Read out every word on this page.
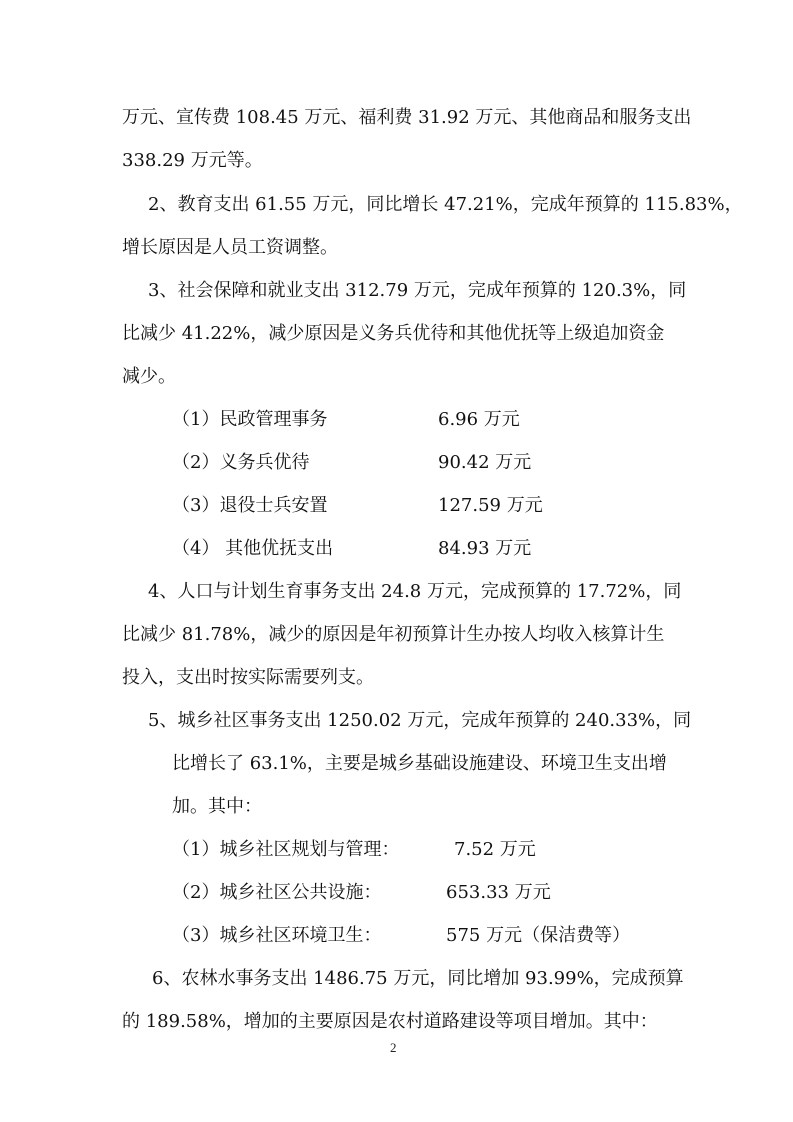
万元、宣传费 108.45 万元、福利费 31.92 万元、其他商品和服务支出
338.29 万元等。
2、教育支出 61.55 万元，同比增长 47.21%，完成年预算的 115.83%，
增长原因是人员工资调整。
3、社会保障和就业支出 312.79 万元，完成年预算的 120.3%，同
比减少 41.22%，减少原因是义务兵优待和其他优抚等上级追加资金
减少。
（1）民政管理事务	6.96 万元
（2）义务兵优待	90.42 万元
（3）退役士兵安置	127.59 万元
（4） 其他优抚支出	84.93 万元
4、人口与计划生育事务支出 24.8 万元，完成预算的 17.72%，同
比减少 81.78%，减少的原因是年初预算计生办按人均收入核算计生
投入，支出时按实际需要列支。
5、城乡社区事务支出 1250.02 万元，完成年预算的 240.33%，同
比增长了 63.1%，主要是城乡基础设施建设、环境卫生支出增
加。其中：
（1）城乡社区规划与管理：	7.52 万元
（2）城乡社区公共设施：	653.33 万元
（3）城乡社区环境卫生：	575 万元（保洁费等）
6、农林水事务支出 1486.75 万元，同比增加 93.99%，完成预算
的 189.58%，增加的主要原因是农村道路建设等项目增加。其中：
2
